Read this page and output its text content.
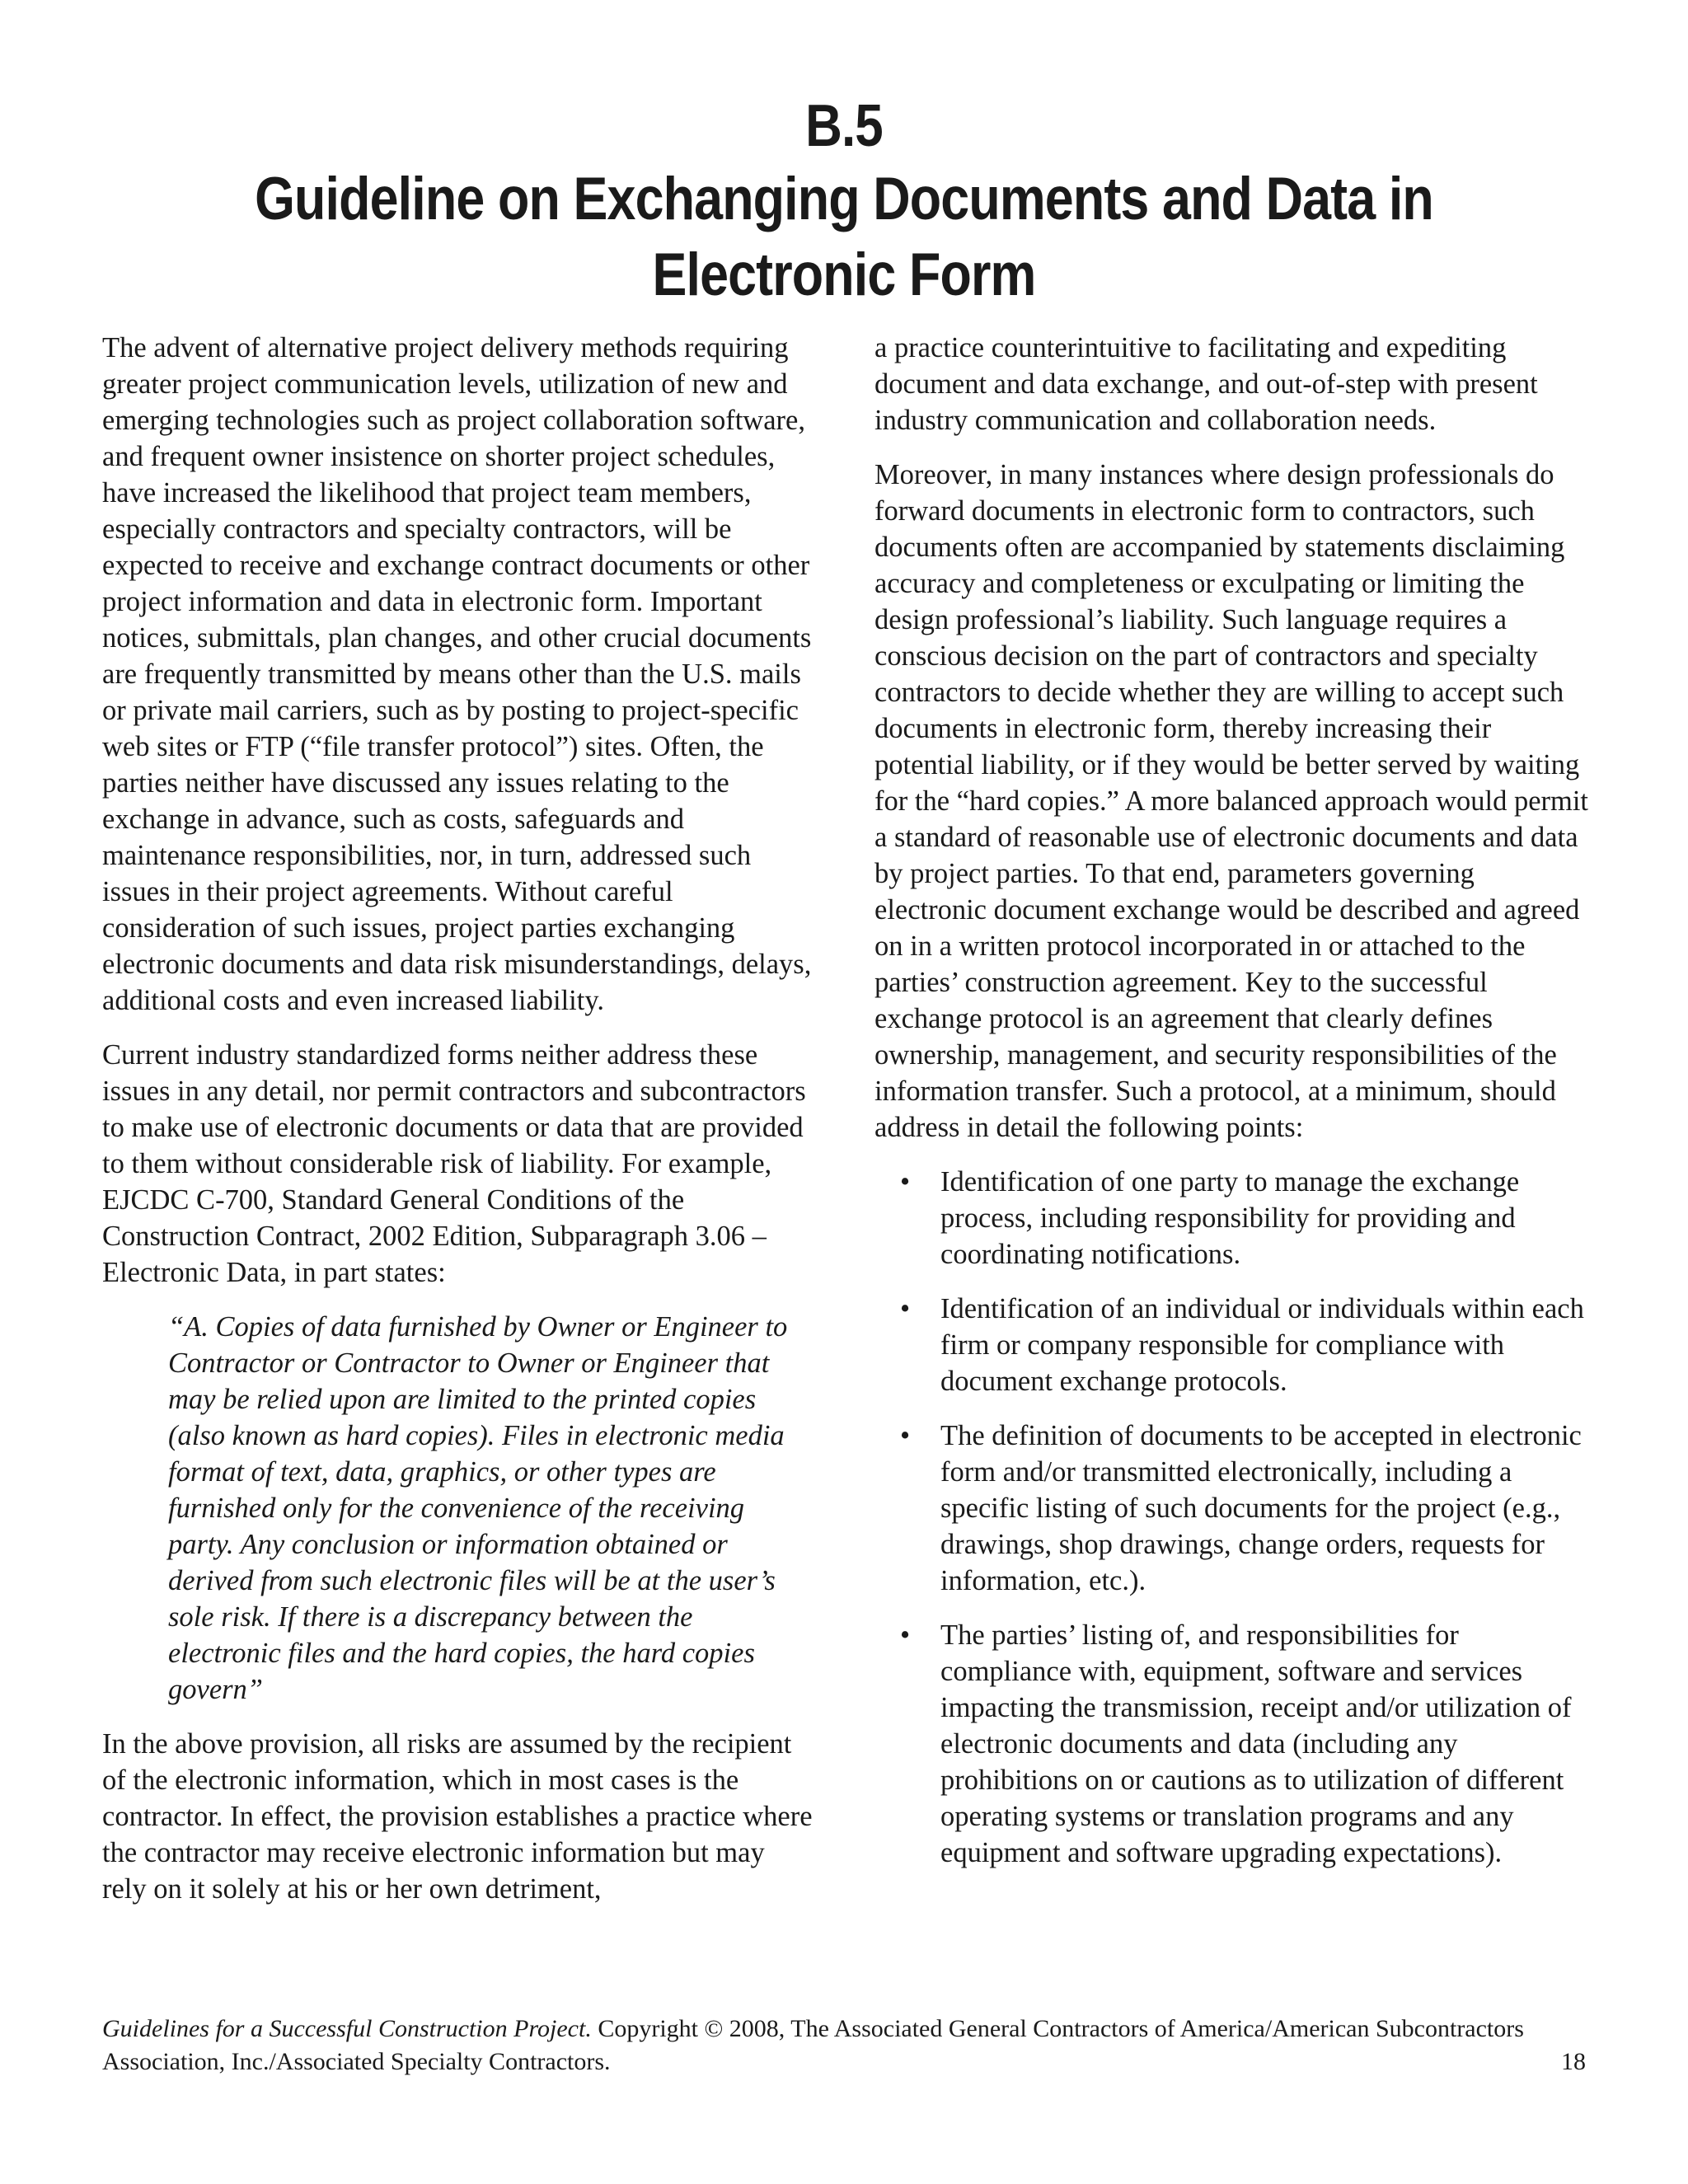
B.5
Guideline on Exchanging Documents and Data in
Electronic Form

The advent of alternative project delivery methods requiring greater project communication levels, utilization of new and emerging technologies such as project collaboration software, and frequent owner insistence on shorter project schedules, have increased the likelihood that project team members, especially contractors and specialty contractors, will be expected to receive and exchange contract documents or other project information and data in electronic form. Important notices, submittals, plan changes, and other crucial documents are frequently transmitted by means other than the U.S. mails or private mail carriers, such as by posting to project-specific web sites or FTP (“file transfer protocol”) sites. Often, the parties neither have discussed any issues relating to the exchange in advance, such as costs, safeguards and maintenance responsibilities, nor, in turn, addressed such issues in their project agreements. Without careful consideration of such issues, project parties exchanging electronic documents and data risk misunderstandings, delays, additional costs and even increased liability.

Current industry standardized forms neither address these issues in any detail, nor permit contractors and subcontractors to make use of electronic documents or data that are provided to them without considerable risk of liability. For example, EJCDC C-700, Standard General Conditions of the Construction Contract, 2002 Edition, Subparagraph 3.06 – Electronic Data, in part states:

“A. Copies of data furnished by Owner or Engineer to Contractor or Contractor to Owner or Engineer that may be relied upon are limited to the printed copies (also known as hard copies). Files in electronic media format of text, data, graphics, or other types are furnished only for the convenience of the receiving party. Any conclusion or information obtained or derived from such electronic files will be at the user’s sole risk. If there is a discrepancy between the electronic files and the hard copies, the hard copies govern”

In the above provision, all risks are assumed by the recipient of the electronic information, which in most cases is the contractor. In effect, the provision establishes a practice where the contractor may receive electronic information but may rely on it solely at his or her own detriment,

a practice counterintuitive to facilitating and expediting document and data exchange, and out-of-step with present industry communication and collaboration needs.

Moreover, in many instances where design professionals do forward documents in electronic form to contractors, such documents often are accompanied by statements disclaiming accuracy and completeness or exculpating or limiting the design professional’s liability. Such language requires a conscious decision on the part of contractors and specialty contractors to decide whether they are willing to accept such documents in electronic form, thereby increasing their potential liability, or if they would be better served by waiting for the “hard copies.” A more balanced approach would permit a standard of reasonable use of electronic documents and data by project parties. To that end, parameters governing electronic document exchange would be described and agreed on in a written protocol incorporated in or attached to the parties’ construction agreement. Key to the successful exchange protocol is an agreement that clearly defines ownership, management, and security responsibilities of the information transfer. Such a protocol, at a minimum, should address in detail the following points:

• Identification of one party to manage the exchange process, including responsibility for providing and coordinating notifications.
• Identification of an individual or individuals within each firm or company responsible for compliance with document exchange protocols.
• The definition of documents to be accepted in electronic form and/or transmitted electronically, including a specific listing of such documents for the project (e.g., drawings, shop drawings, change orders, requests for information, etc.).
• The parties’ listing of, and responsibilities for compliance with, equipment, software and services impacting the transmission, receipt and/or utilization of electronic documents and data (including any prohibitions on or cautions as to utilization of different operating systems or translation programs and any equipment and software upgrading expectations).
Guidelines for a Successful Construction Project. Copyright © 2008, The Associated General Contractors of America/American Subcontractors Association, Inc./Associated Specialty Contractors.	18
